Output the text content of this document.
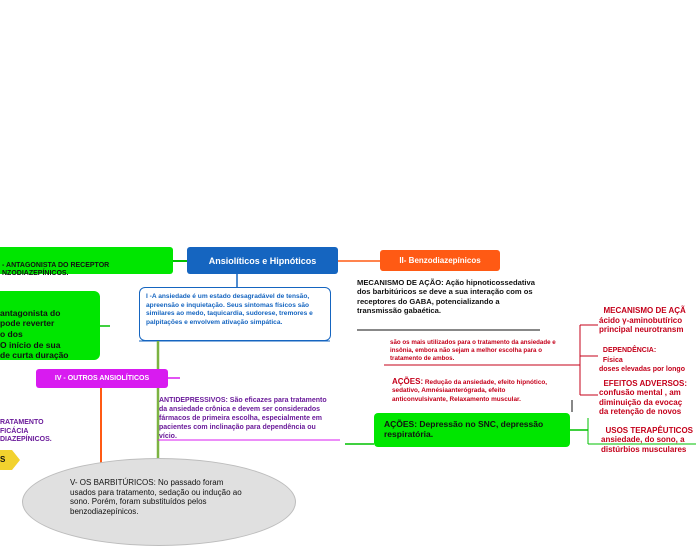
Ansiolíticos e Hipnóticos

- ANTAGONISTA DO RECEPTOR
NZODIAZEPÍNICOS.

antagonista do
pode reverter
o dos
O início de sua
de curta duração

I -A ansiedade é um estado desagradável de tensão, apreensão e inquietação. Seus sintomas físicos são similares ao medo, taquicardia, sudorese, tremores e palpitações e envolvem ativação simpática.
IV - OUTROS ANSIOLÍTICOS

RATAMENTO
FICÁCIA
DIAZEPÍNICOS.

S
ANTIDEPRESSIVOS: São eficazes para tratamento da ansiedade crônica e devem ser considerados fármacos de primeira escolha, especialmente em pacientes com inclinação para dependência ou vício.
V- OS BARBITÚRICOS: No passado foram usados para tratamento, sedação ou indução ao sono. Porém, foram substituídos pelos benzodiazepínicos.
II- Benzodiazepínicos
MECANISMO DE AÇÃO: Ação hipnoticossedativa dos barbitúricos se deve a sua interação com os receptores do GABA, potencializando a transmissão gabaética.
são os mais utilizados para o tratamento da ansiedade e insônia, embora não sejam a melhor escolha para o tratamento de ambos.
AÇÕES: Redução da ansiedade, efeito hipnótico, sedativo, Amnésiaanterógrada, efeito anticonvulsivante, Relaxamento muscular.
AÇÕES: Depressão no SNC, depressão respiratória.

MECANISMO DE AÇÃ
ácido γ-aminobutírico
principal neurotransm

DEPENDÊNCIA:
Física
doses elevadas por longo

EFEITOS ADVERSOS:
confusão mental , am
diminuição da evocaç
da retenção de novos

USOS TERAPÊUTICOS
ansiedade, do sono, a
distúrbios musculares
